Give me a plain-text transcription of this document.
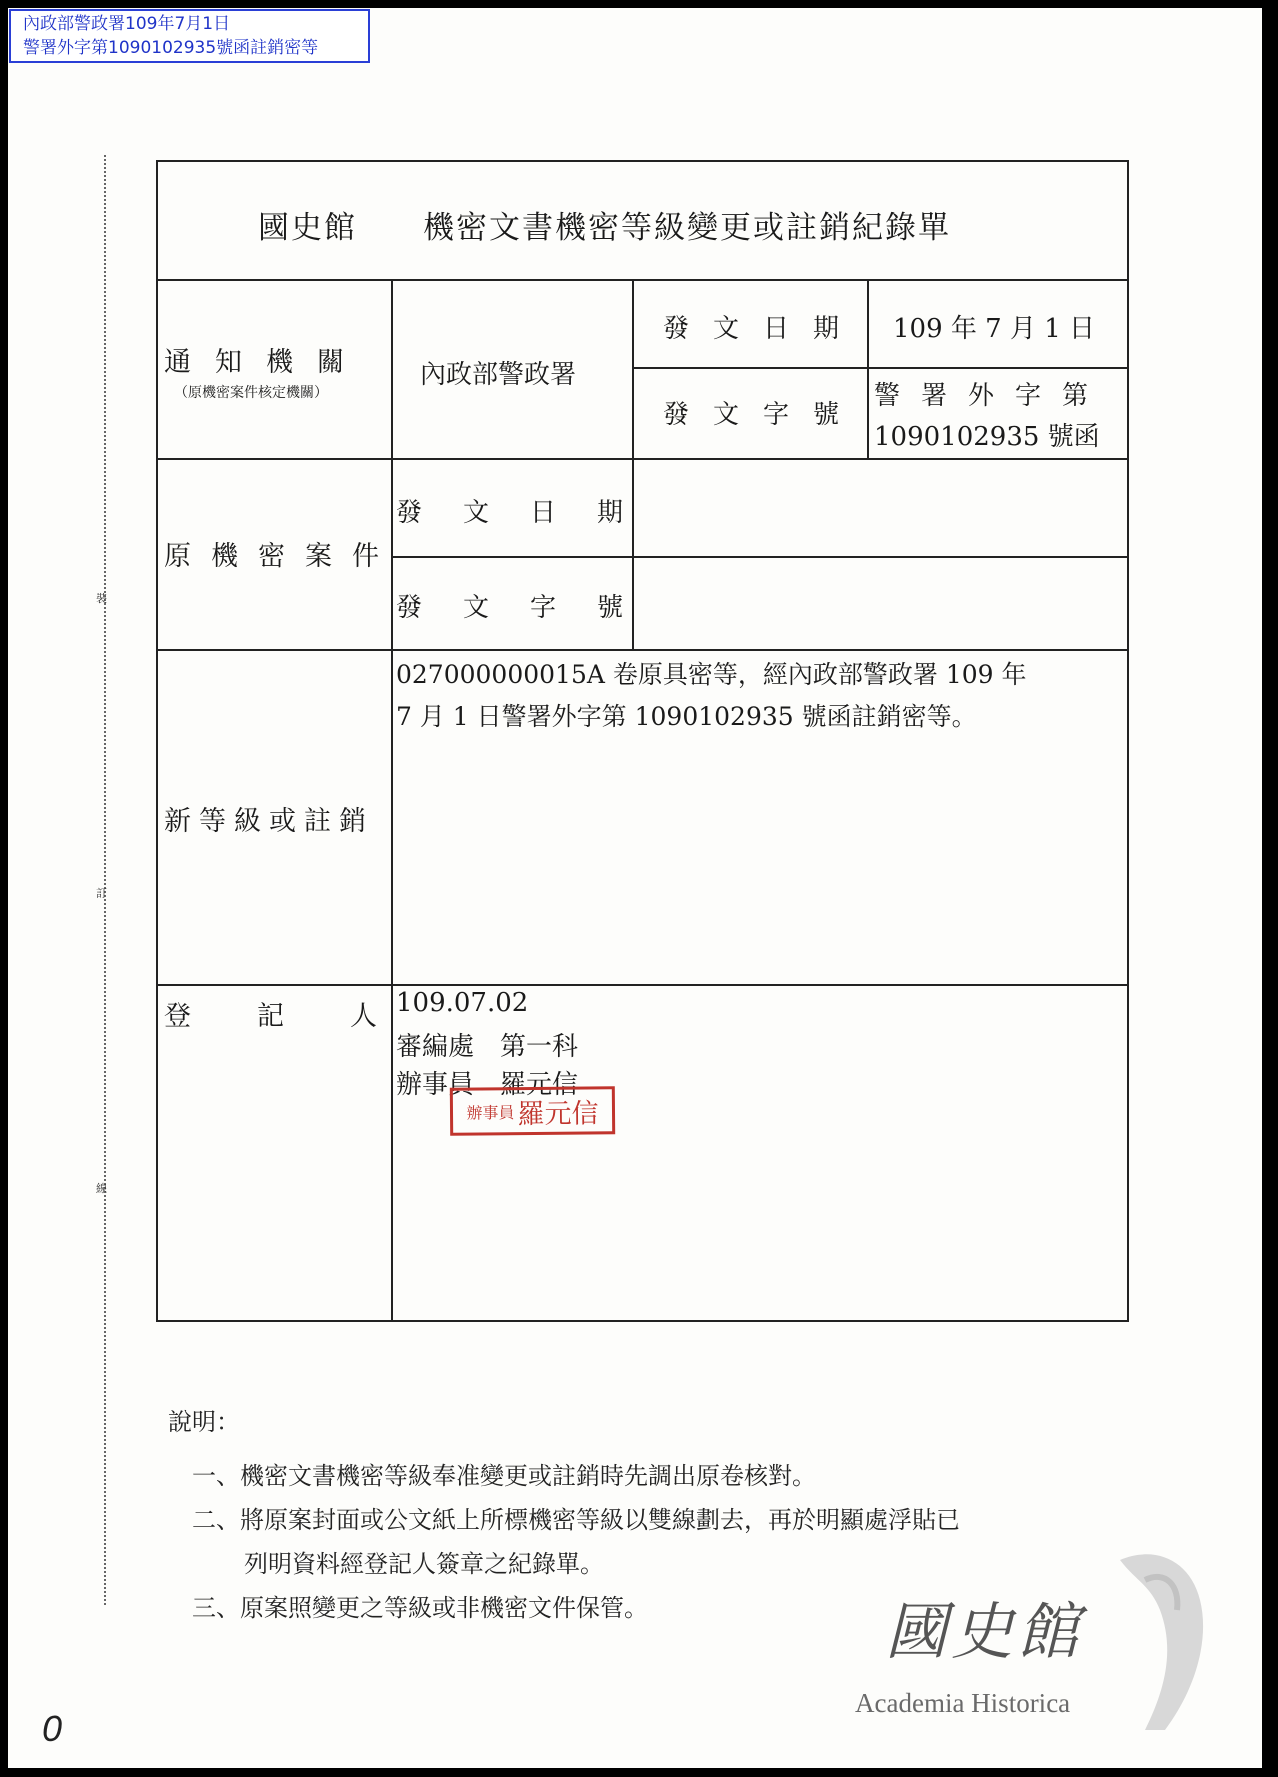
內政部警政署109年7月1日
警署外字第1090102935號函註銷密等
裝
訂
線
國史館　　機密文書機密等級變更或註銷紀錄單
通知機關
（原機密案件核定機關）
內政部警政署
發文日期 109 年 7 月 1 日
發文字號
警署外字第
1090102935 號函
原機密案件
發文日期
發文字號
新等級或註銷
027000000015A 卷原具密等，經內政部警政署 109 年
7 月 1 日警署外字第 1090102935 號函註銷密等。
登記人
109.07.02
審編處　第一科
辦事員　羅元信
辦事員 羅元信
說明：
一、機密文書機密等級奉准變更或註銷時先調出原卷核對。
二、將原案封面或公文紙上所標機密等級以雙線劃去，再於明顯處浮貼已
列明資料經登記人簽章之紀錄單。
三、原案照變更之等級或非機密文件保管。	國史館
Academia Historica
0
